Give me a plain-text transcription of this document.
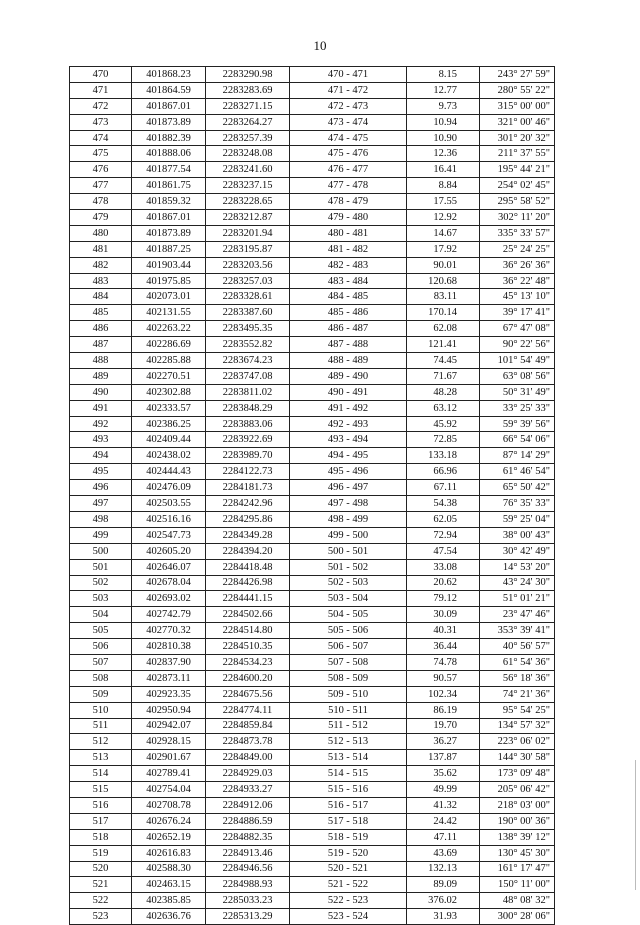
10
470	401868.23	2283290.98	470 - 471	8.15	243° 27' 59"
471	401864.59	2283283.69	471 - 472	12.77	280° 55' 22"
472	401867.01	2283271.15	472 - 473	9.73	315° 00' 00"
473	401873.89	2283264.27	473 - 474	10.94	321° 00' 46"
474	401882.39	2283257.39	474 - 475	10.90	301° 20' 32"
475	401888.06	2283248.08	475 - 476	12.36	211° 37' 55"
476	401877.54	2283241.60	476 - 477	16.41	195° 44' 21"
477	401861.75	2283237.15	477 - 478	8.84	254° 02' 45"
478	401859.32	2283228.65	478 - 479	17.55	295° 58' 52"
479	401867.01	2283212.87	479 - 480	12.92	302° 11' 20"
480	401873.89	2283201.94	480 - 481	14.67	335° 33' 57"
481	401887.25	2283195.87	481 - 482	17.92	25° 24' 25"
482	401903.44	2283203.56	482 - 483	90.01	36° 26' 36"
483	401975.85	2283257.03	483 - 484	120.68	36° 22' 48"
484	402073.01	2283328.61	484 - 485	83.11	45° 13' 10"
485	402131.55	2283387.60	485 - 486	170.14	39° 17' 41"
486	402263.22	2283495.35	486 - 487	62.08	67° 47' 08"
487	402286.69	2283552.82	487 - 488	121.41	90° 22' 56"
488	402285.88	2283674.23	488 - 489	74.45	101° 54' 49"
489	402270.51	2283747.08	489 - 490	71.67	63° 08' 56"
490	402302.88	2283811.02	490 - 491	48.28	50° 31' 49"
491	402333.57	2283848.29	491 - 492	63.12	33° 25' 33"
492	402386.25	2283883.06	492 - 493	45.92	59° 39' 56"
493	402409.44	2283922.69	493 - 494	72.85	66° 54' 06"
494	402438.02	2283989.70	494 - 495	133.18	87° 14' 29"
495	402444.43	2284122.73	495 - 496	66.96	61° 46' 54"
496	402476.09	2284181.73	496 - 497	67.11	65° 50' 42"
497	402503.55	2284242.96	497 - 498	54.38	76° 35' 33"
498	402516.16	2284295.86	498 - 499	62.05	59° 25' 04"
499	402547.73	2284349.28	499 - 500	72.94	38° 00' 43"
500	402605.20	2284394.20	500 - 501	47.54	30° 42' 49"
501	402646.07	2284418.48	501 - 502	33.08	14° 53' 20"
502	402678.04	2284426.98	502 - 503	20.62	43° 24' 30"
503	402693.02	2284441.15	503 - 504	79.12	51° 01' 21"
504	402742.79	2284502.66	504 - 505	30.09	23° 47' 46"
505	402770.32	2284514.80	505 - 506	40.31	353° 39' 41"
506	402810.38	2284510.35	506 - 507	36.44	40° 56' 57"
507	402837.90	2284534.23	507 - 508	74.78	61° 54' 36"
508	402873.11	2284600.20	508 - 509	90.57	56° 18' 36"
509	402923.35	2284675.56	509 - 510	102.34	74° 21' 36"
510	402950.94	2284774.11	510 - 511	86.19	95° 54' 25"
511	402942.07	2284859.84	511 - 512	19.70	134° 57' 32"
512	402928.15	2284873.78	512 - 513	36.27	223° 06' 02"
513	402901.67	2284849.00	513 - 514	137.87	144° 30' 58"
514	402789.41	2284929.03	514 - 515	35.62	173° 09' 48"
515	402754.04	2284933.27	515 - 516	49.99	205° 06' 42"
516	402708.78	2284912.06	516 - 517	41.32	218° 03' 00"
517	402676.24	2284886.59	517 - 518	24.42	190° 00' 36"
518	402652.19	2284882.35	518 - 519	47.11	138° 39' 12"
519	402616.83	2284913.46	519 - 520	43.69	130° 45' 30"
520	402588.30	2284946.56	520 - 521	132.13	161° 17' 47"
521	402463.15	2284988.93	521 - 522	89.09	150° 11' 00"
522	402385.85	2285033.23	522 - 523	376.02	48° 08' 32"
523	402636.76	2285313.29	523 - 524	31.93	300° 28' 06"
